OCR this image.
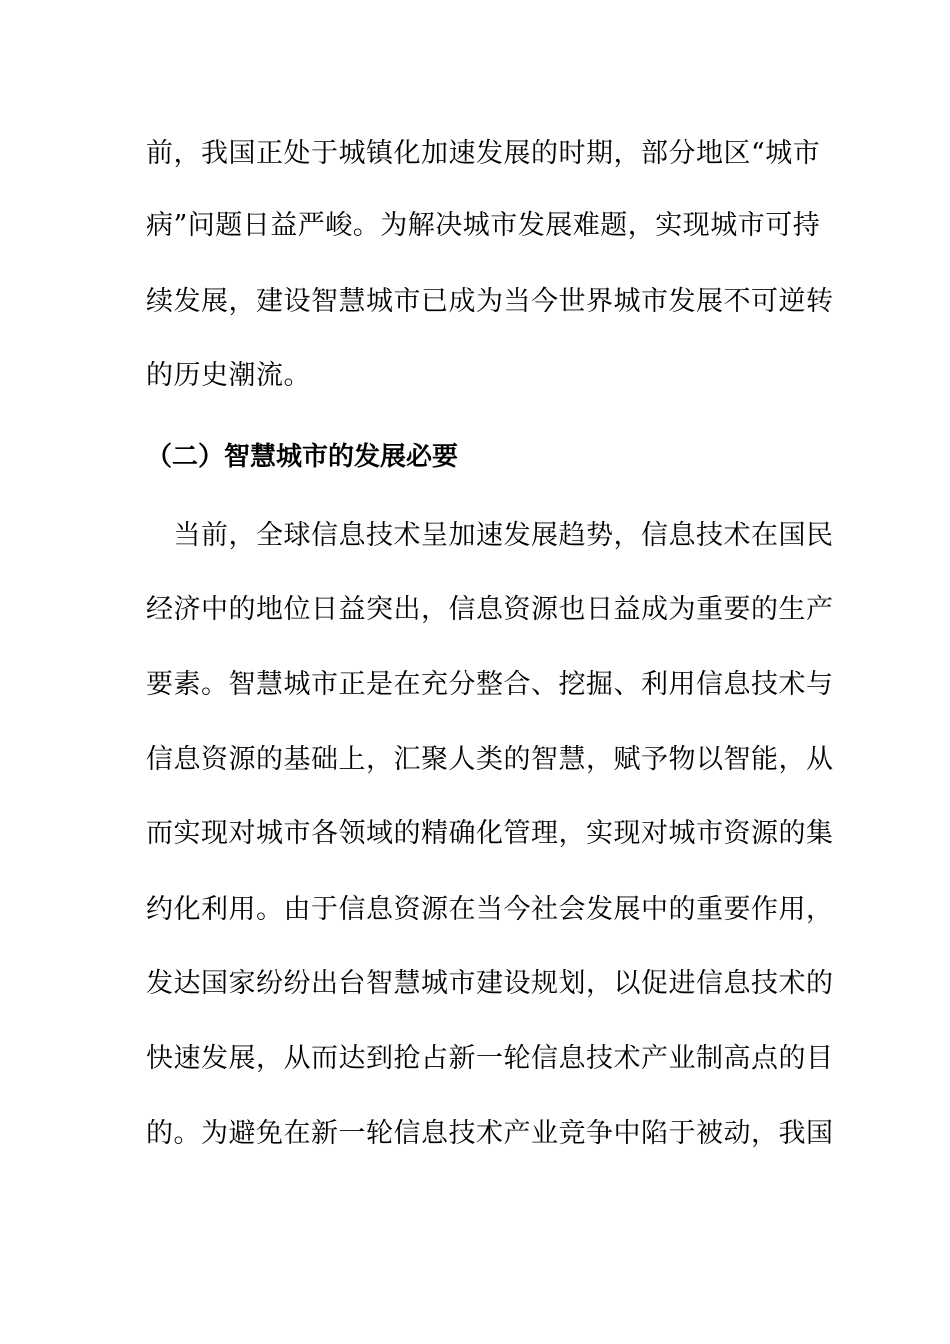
前，我国正处于城镇化加速发展的时期，部分地区“城市
病”问题日益严峻。为解决城市发展难题，实现城市可持
续发展，建设智慧城市已成为当今世界城市发展不可逆转
的历史潮流。
（二）智慧城市的发展必要
　当前，全球信息技术呈加速发展趋势，信息技术在国民
经济中的地位日益突出，信息资源也日益成为重要的生产
要素。智慧城市正是在充分整合、挖掘、利用信息技术与
信息资源的基础上，汇聚人类的智慧，赋予物以智能，从
而实现对城市各领域的精确化管理，实现对城市资源的集
约化利用。由于信息资源在当今社会发展中的重要作用，
发达国家纷纷出台智慧城市建设规划，以促进信息技术的
快速发展，从而达到抢占新一轮信息技术产业制高点的目
的。为避免在新一轮信息技术产业竞争中陷于被动，我国
